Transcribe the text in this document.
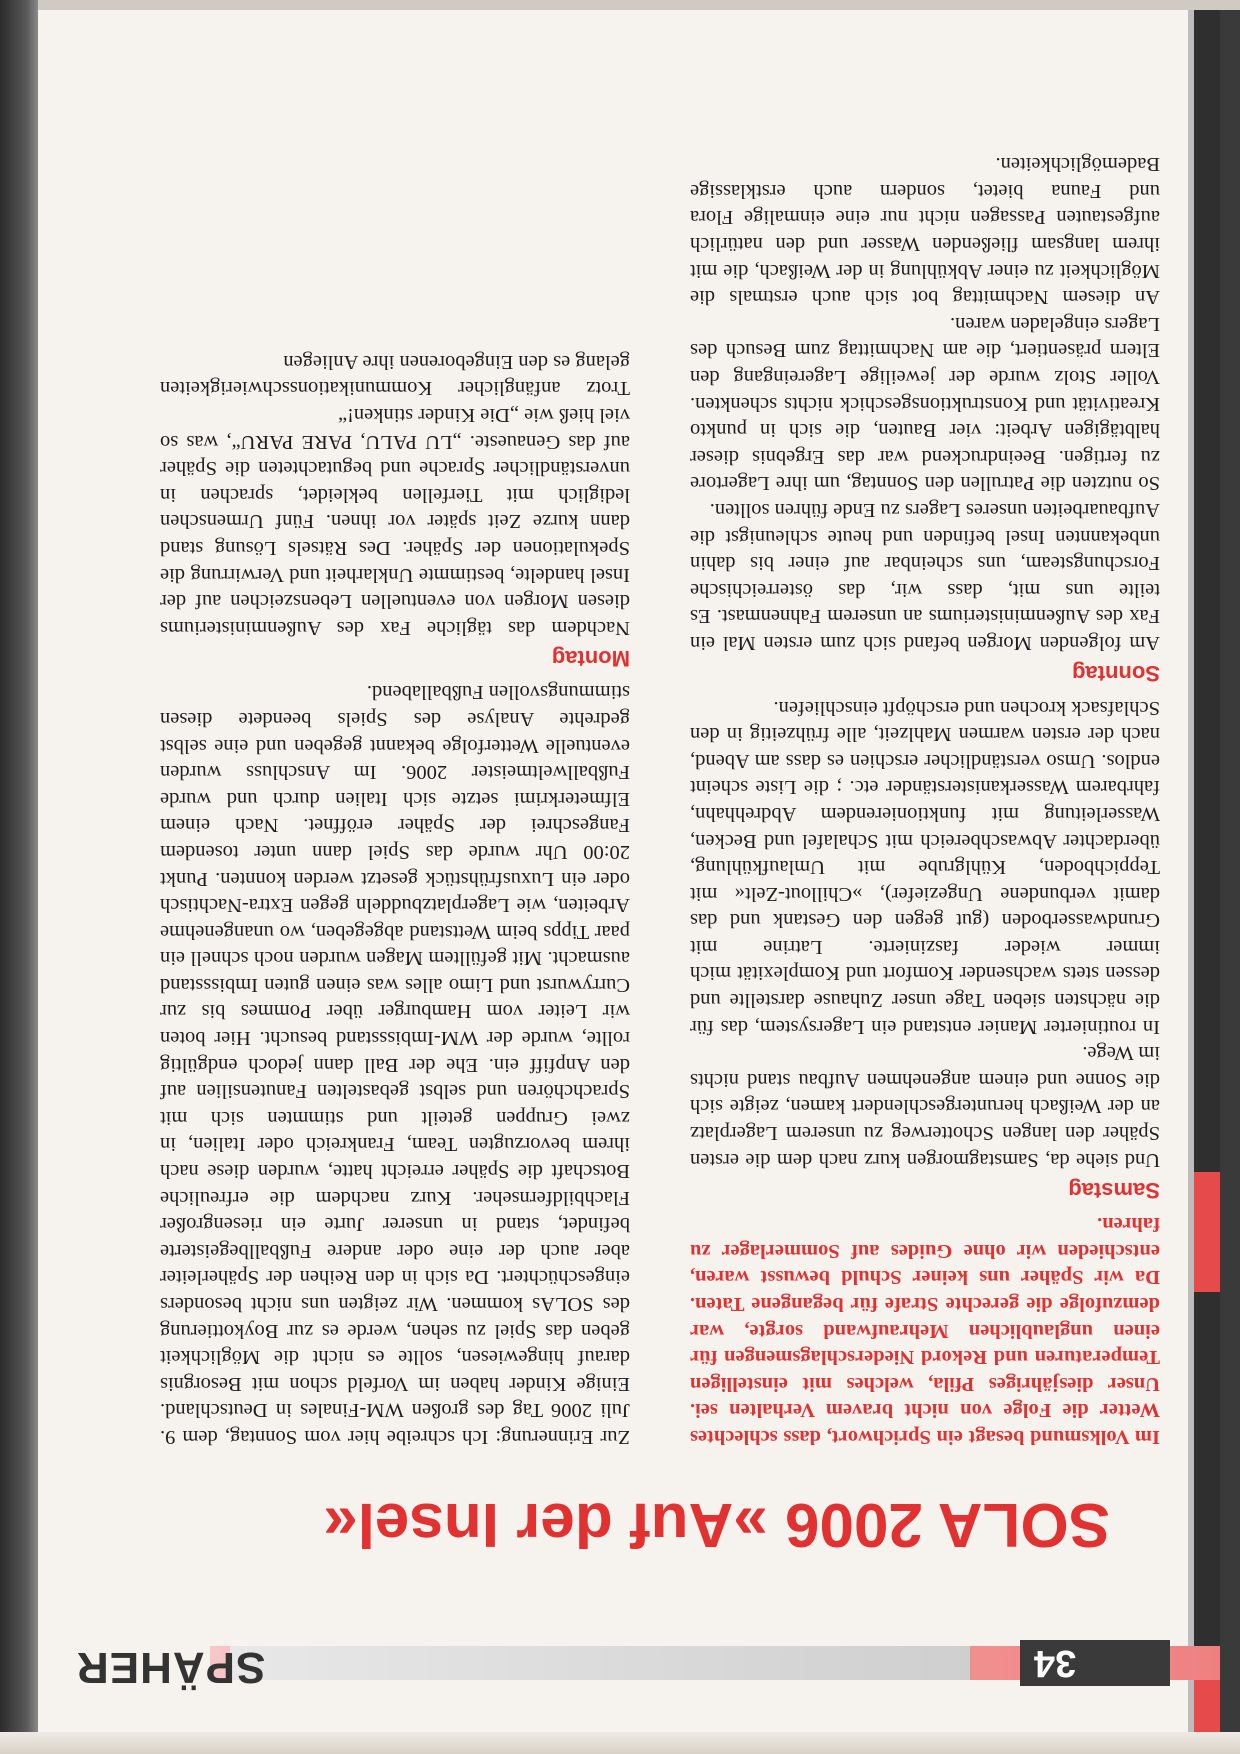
34
SPÄHER
SOLA 2006 »Auf der Insel«

Im Volksmund besagt ein Sprichwort, dass schlechtes Wetter die Folge von nicht bravem Verhalten sei. Unser diesjähriges Pfila, welches mit einstelligen Temperaturen und Rekord Niederschlagsmengen für einen unglaublichen Mehraufwand sorgte, war demzufolge die gerechte Strafe für begangene Taten. Da wir Späher uns keiner Schuld bewusst waren, entschieden wir ohne Guides auf Sommerlager zu fahren.

Samstag

Und siehe da, Samstagmorgen kurz nach dem die ersten Späher den langen Schotterweg zu unserem Lagerplatz an der Weißach heruntergeschlendert kamen, zeigte sich die Sonne und einem angenehmen Aufbau stand nichts im Wege.

In routinierter Manier entstand ein Lagersystem, das für die nächsten sieben Tage unser Zuhause darstellte und dessen stets wachsender Komfort und Komplexität mich immer wieder faszinierte. Latrine mit Grundwasserboden (gut gegen den Gestank und das damit verbundene Ungeziefer), »Chillout-Zelt« mit Teppichboden, Kühlgrube mit Umlaufkühlung, überdachter Abwaschbereich mit Schalafel und Becken, Wasserleitung mit funktionierendem Abdrehhahn, fahrbarem Wasserkanisterständer etc. ; die Liste scheint endlos. Umso verständlicher erschien es dass am Abend, nach der ersten warmen Mahlzeit, alle frühzeitig in den Schlafsack krochen und erschöpft einschliefen.

Sonntag

Am folgenden Morgen befand sich zum ersten Mal ein Fax des Außenministeriums an unserem Fahnenmast. Es teilte uns mit, dass wir, das österreichische Forschungsteam, uns scheinbar auf einer bis dahin unbekannten Insel befinden und heute schleunigst die Aufbauarbeiten unseres Lagers zu Ende führen sollten.

So nutzten die Patrullen den Sonntag, um ihre Lagertore zu fertigen. Beeindruckend war das Ergebnis dieser halbtägigen Arbeit: vier Bauten, die sich in punkto Kreativität und Konstruktionsgeschick nichts schenkten. Voller Stolz wurde der jeweilige Lagereingang den Eltern präsentiert, die am Nachmittag zum Besuch des Lagers eingeladen waren.

An diesem Nachmittag bot sich auch erstmals die Möglichkeit zu einer Abkühlung in der Weißach, die mit ihrem langsam fließenden Wasser und den natürlich aufgestauten Passagen nicht nur eine einmalige Flora und Fauna bietet, sondern auch erstklassige Bademöglichkeiten.

Zur Erinnerung: Ich schreibe hier vom Sonntag, dem 9. Juli 2006 Tag des großen WM-Finales in Deutschland. Einige Kinder haben im Vorfeld schon mit Besorgnis darauf hingewiesen, sollte es nicht die Möglichkeit geben das Spiel zu sehen, werde es zur Boykottierung des SOLAs kommen. Wir zeigten uns nicht besonders eingeschüchtert. Da sich in den Reihen der Späherleiter aber auch der eine oder andere Fußballbegeisterte befindet, stand in unserer Jurte ein riesengroßer Flachbildfernseher. Kurz nachdem die erfreuliche Botschaft die Späher erreicht hatte, wurden diese nach ihrem bevorzugten Team, Frankreich oder Italien, in zwei Gruppen geteilt und stimmten sich mit Sprachchören und selbst gebastelten Fanutensilien auf den Anpfiff ein. Ehe der Ball dann jedoch endgültig rollte, wurde der WM-Imbissstand besucht. Hier boten wir Leiter vom Hamburger über Pommes bis zur Currywurst und Limo alles was einen guten Imbissstand ausmacht. Mit gefülltem Magen wurden noch schnell ein paar Tipps beim Wettstand abgegeben, wo unangenehme Arbeiten, wie Lagerplatzbuddeln gegen Extra-Nachtisch oder ein Luxusfrühstück gesetzt werden konnten. Punkt 20:00 Uhr wurde das Spiel dann unter tosendem Fangeschrei der Späher eröffnet. Nach einem Elfmeterkrimi setzte sich Italien durch und wurde Fußballweltmeister 2006. Im Anschluss wurden eventuelle Wetterfolge bekannt gegeben und eine selbst gedrehte Analyse des Spiels beendete diesen stimmungsvollen Fußballabend.

Montag

Nachdem das tägliche Fax des Außenministeriums diesen Morgen von eventuellen Lebenszeichen auf der Insel handelte, bestimmte Unklarheit und Verwirrung die Spekulationen der Späher. Des Rätsels Lösung stand dann kurze Zeit später vor ihnen. Fünf Urmenschen lediglich mit Tierfellen bekleidet, sprachen in unverständlicher Sprache und begutachteten die Späher auf das Genaueste. „LU PALU, PARE PARU“, was so viel hieß wie „Die Kinder stinken!“

Trotz anfänglicher Kommunikationsschwierigkeiten gelang es den Eingeborenen ihre Anliegen
